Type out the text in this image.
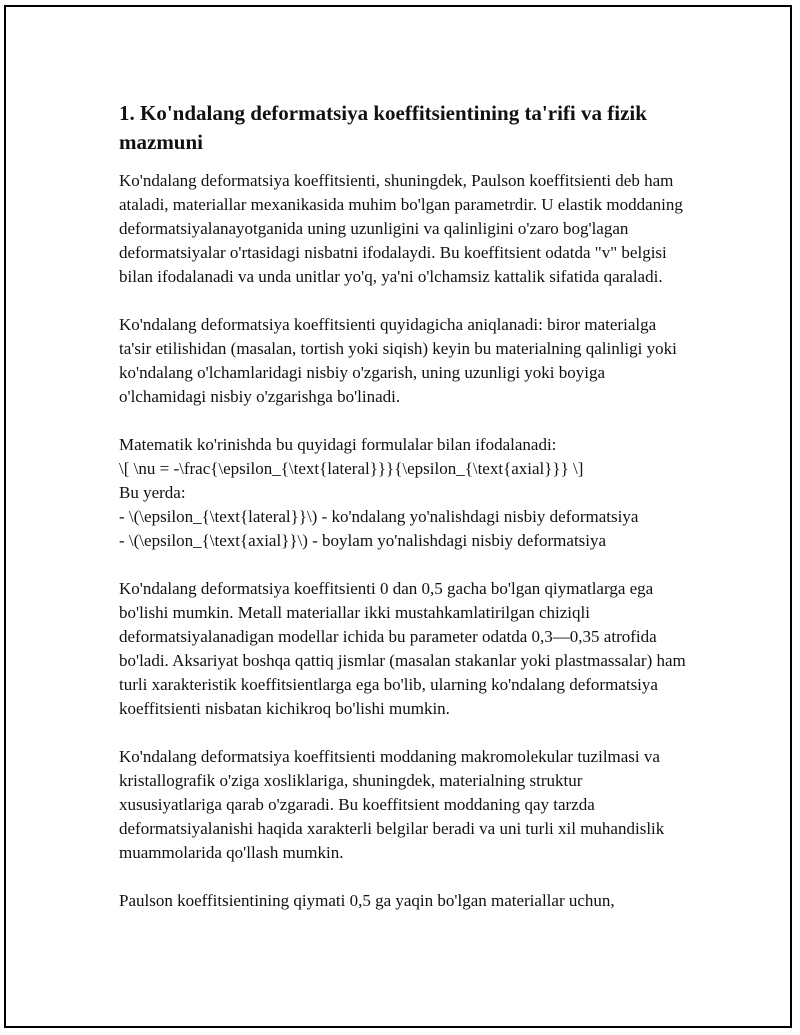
1. Ko'ndalang deformatsiya koeffitsientining ta'rifi va fizik mazmuni

Ko'ndalang deformatsiya koeffitsienti, shuningdek, Paulson koeffitsienti deb ham ataladi, materiallar mexanikasida muhim bo'lgan parametrdir. U elastik moddaning deformatsiyalanayotganida uning uzunligini va qalinligini o'zaro bog'lagan deformatsiyalar o'rtasidagi nisbatni ifodalaydi. Bu koeffitsient odatda "v" belgisi bilan ifodalanadi va unda unitlar yo'q, ya'ni o'lchamsiz kattalik sifatida qaraladi.

Ko'ndalang deformatsiya koeffitsienti quyidagicha aniqlanadi: biror materialga ta'sir etilishidan (masalan, tortish yoki siqish) keyin bu materialning qalinligi yoki ko'ndalang o'lchamlaridagi nisbiy o'zgarish, uning uzunligi yoki boyiga o'lchamidagi nisbiy o'zgarishga bo'linadi.

Matematik ko'rinishda bu quyidagi formulalar bilan ifodalanadi:
\[ \nu = -\frac{\epsilon_{\text{lateral}}}{\epsilon_{\text{axial}}} \]
Bu yerda:
- \(\epsilon_{\text{lateral}}\) - ko'ndalang yo'nalishdagi nisbiy deformatsiya
- \(\epsilon_{\text{axial}}\) - boylam yo'nalishdagi nisbiy deformatsiya

Ko'ndalang deformatsiya koeffitsienti 0 dan 0,5 gacha bo'lgan qiymatlarga ega bo'lishi mumkin. Metall materiallar ikki mustahkamlatirilgan chiziqli deformatsiyalanadigan modellar ichida bu parameter odatda 0,3—0,35 atrofida bo'ladi. Aksariyat boshqa qattiq jismlar (masalan stakanlar yoki plastmassalar) ham turli xarakteristik koeffitsientlarga ega bo'lib, ularning ko'ndalang deformatsiya koeffitsienti nisbatan kichikroq bo'lishi mumkin.

Ko'ndalang deformatsiya koeffitsienti moddaning makromolekular tuzilmasi va kristallografik o'ziga xosliklariga, shuningdek, materialning struktur xususiyatlariga qarab o'zgaradi. Bu koeffitsient moddaning qay tarzda deformatsiyalanishi haqida xarakterli belgilar beradi va uni turli xil muhandislik muammolarida qo'llash mumkin.

Paulson koeffitsientining qiymati 0,5 ga yaqin bo'lgan materiallar uchun,
